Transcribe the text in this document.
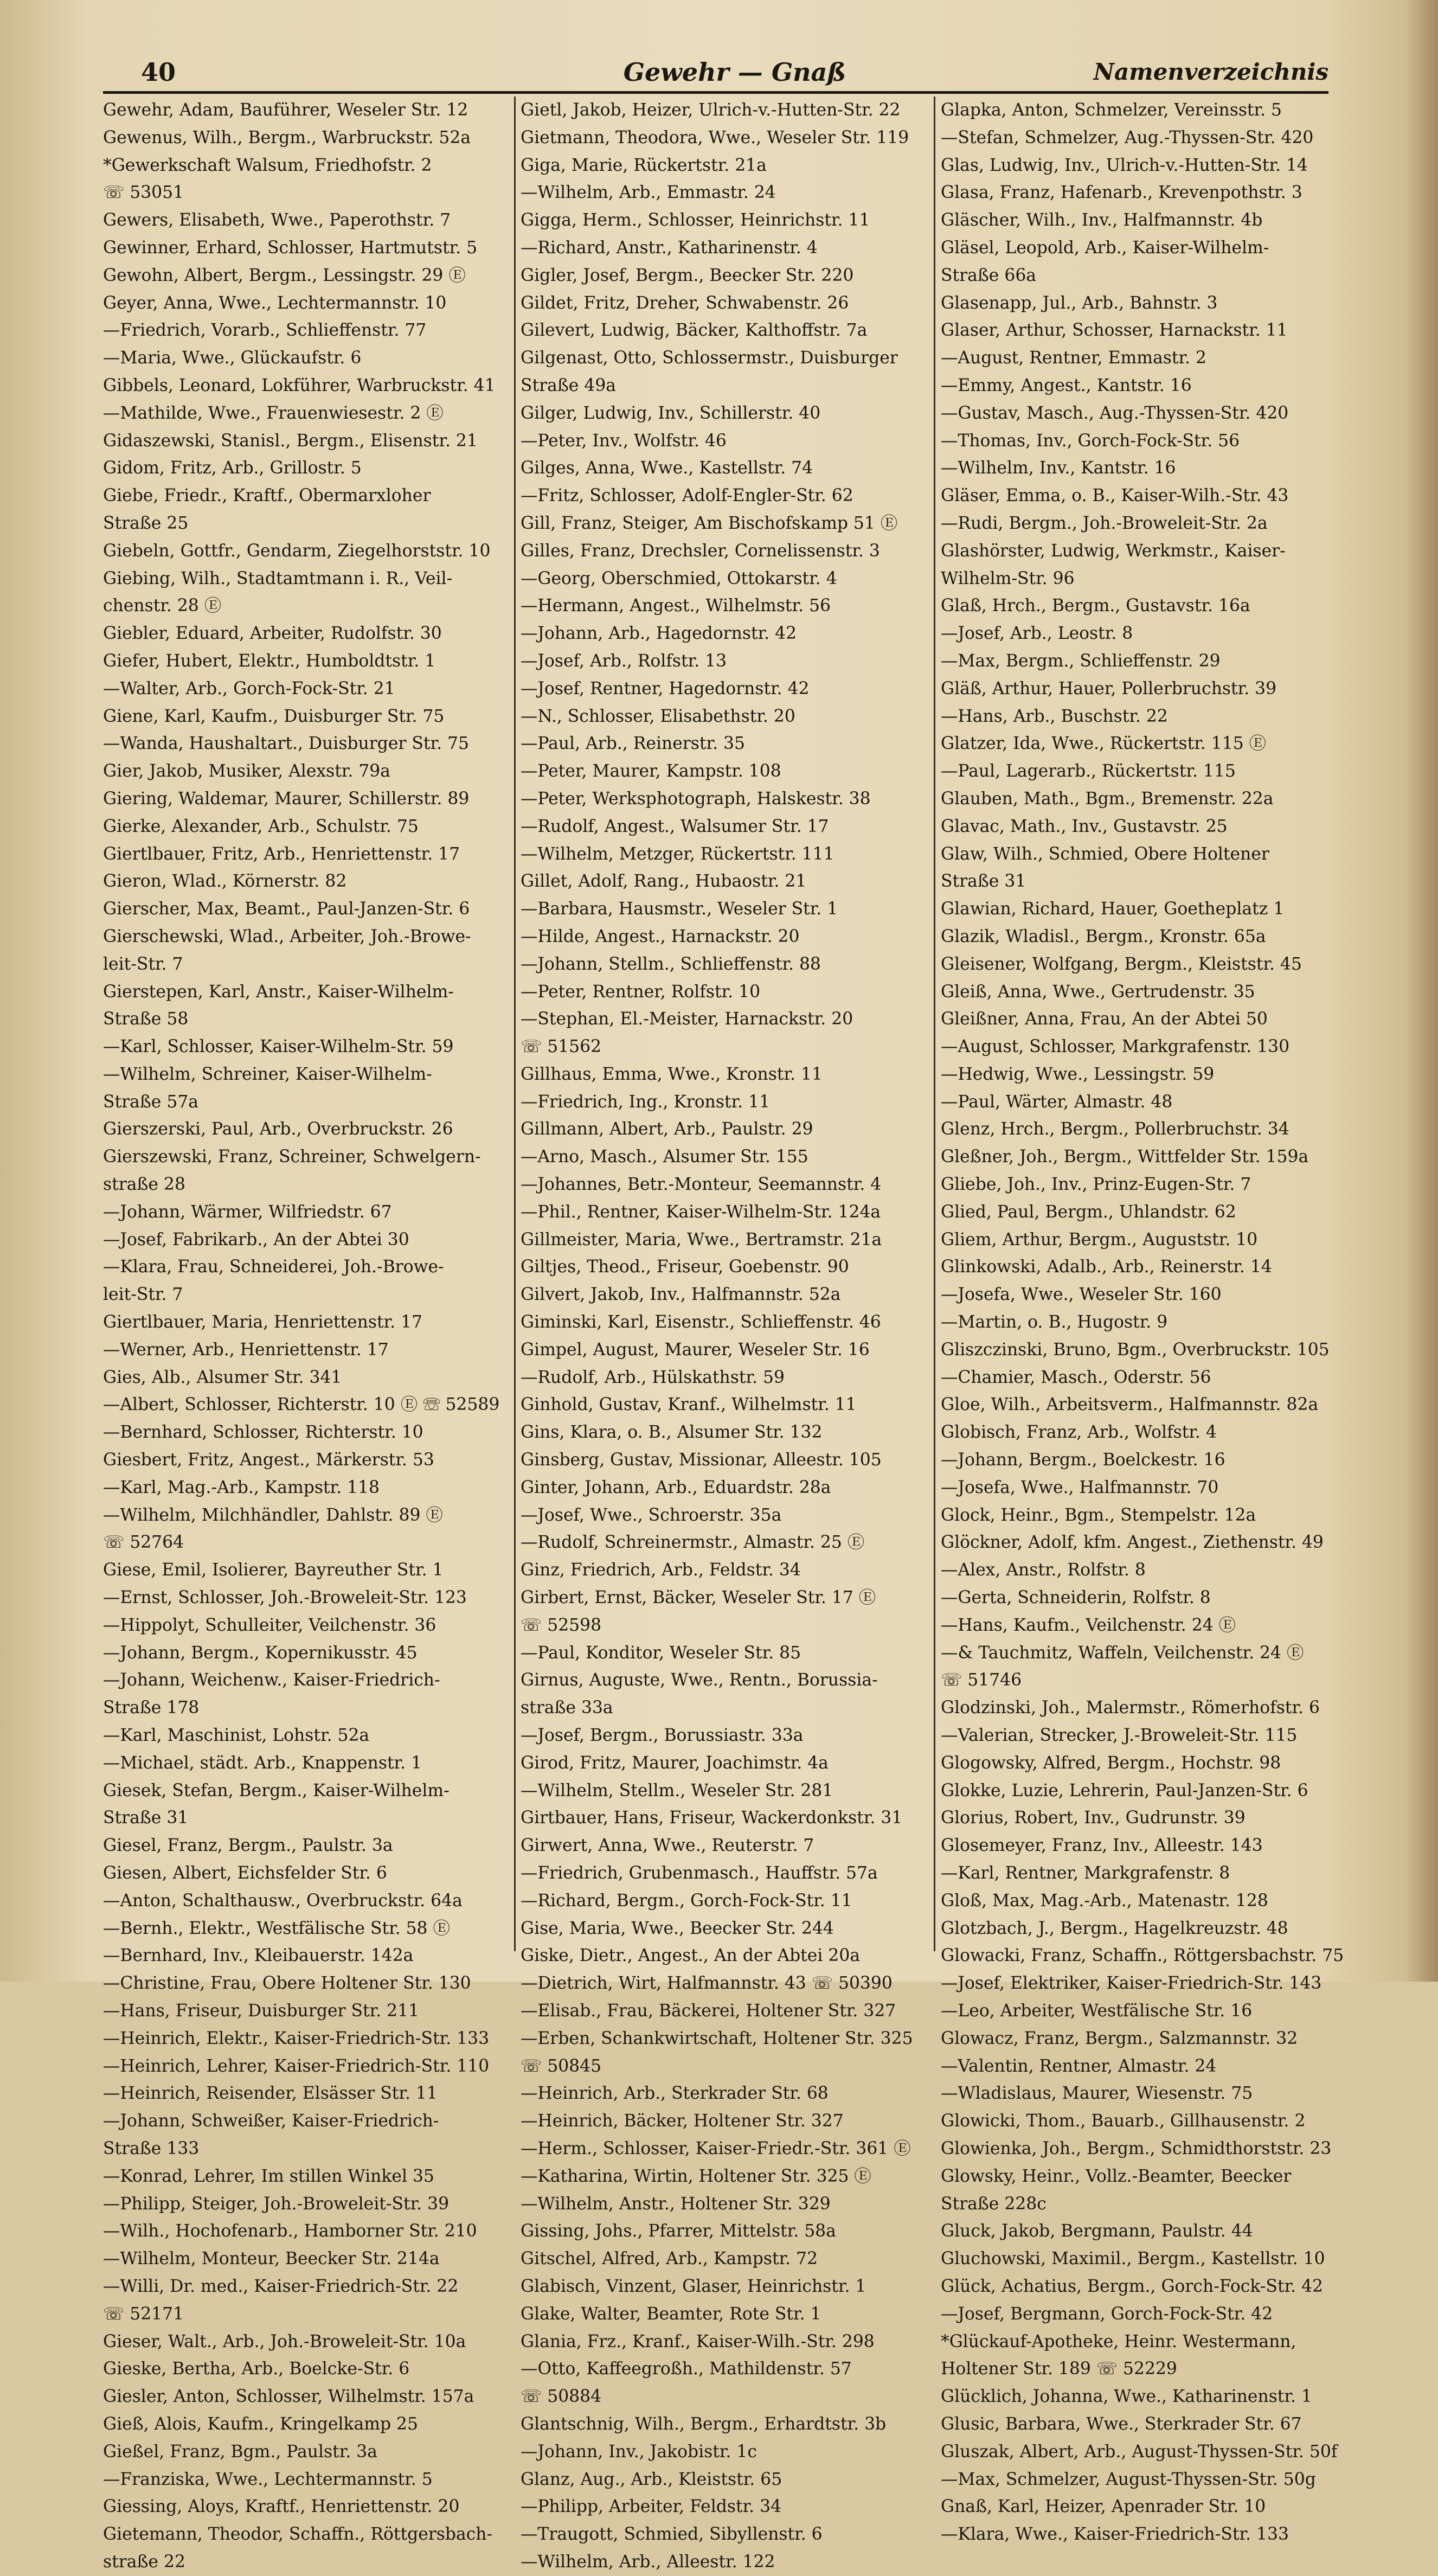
40	Gewehr — Gnaß	Namenverzeichnis
Gewehr, Adam, Bauführer, Weseler Str. 12
Gewenus, Wilh., Bergm., Warbruckstr. 52a
*Gewerkschaft Walsum, Friedhofstr. 2
☏ 53051
Gewers, Elisabeth, Wwe., Paperothstr. 7
Gewinner, Erhard, Schlosser, Hartmutstr. 5
Gewohn, Albert, Bergm., Lessingstr. 29 Ⓔ
Geyer, Anna, Wwe., Lechtermannstr. 10
—Friedrich, Vorarb., Schlieffenstr. 77
—Maria, Wwe., Glückaufstr. 6
Gibbels, Leonard, Lokführer, Warbruckstr. 41
—Mathilde, Wwe., Frauenwiesestr. 2 Ⓔ
Gidaszewski, Stanisl., Bergm., Elisenstr. 21
Gidom, Fritz, Arb., Grillostr. 5
Giebe, Friedr., Kraftf., Obermarxloher
Straße 25
Giebeln, Gottfr., Gendarm, Ziegelhorststr. 10
Giebing, Wilh., Stadtamtmann i. R., Veil-
chenstr. 28 Ⓔ
Giebler, Eduard, Arbeiter, Rudolfstr. 30
Giefer, Hubert, Elektr., Humboldtstr. 1
—Walter, Arb., Gorch-Fock-Str. 21
Giene, Karl, Kaufm., Duisburger Str. 75
—Wanda, Haushaltart., Duisburger Str. 75
Gier, Jakob, Musiker, Alexstr. 79a
Giering, Waldemar, Maurer, Schillerstr. 89
Gierke, Alexander, Arb., Schulstr. 75
Giertlbauer, Fritz, Arb., Henriettenstr. 17
Gieron, Wlad., Körnerstr. 82
Gierscher, Max, Beamt., Paul-Janzen-Str. 6
Gierschewski, Wlad., Arbeiter, Joh.-Browe-
leit-Str. 7
Gierstepen, Karl, Anstr., Kaiser-Wilhelm-
Straße 58
—Karl, Schlosser, Kaiser-Wilhelm-Str. 59
—Wilhelm, Schreiner, Kaiser-Wilhelm-
Straße 57a
Gierszerski, Paul, Arb., Overbruckstr. 26
Gierszewski, Franz, Schreiner, Schwelgern-
straße 28
—Johann, Wärmer, Wilfriedstr. 67
—Josef, Fabrikarb., An der Abtei 30
—Klara, Frau, Schneiderei, Joh.-Browe-
leit-Str. 7
Giertlbauer, Maria, Henriettenstr. 17
—Werner, Arb., Henriettenstr. 17
Gies, Alb., Alsumer Str. 341
—Albert, Schlosser, Richterstr. 10 Ⓔ ☏ 52589
—Bernhard, Schlosser, Richterstr. 10
Giesbert, Fritz, Angest., Märkerstr. 53
—Karl, Mag.-Arb., Kampstr. 118
—Wilhelm, Milchhändler, Dahlstr. 89 Ⓔ
☏ 52764
Giese, Emil, Isolierer, Bayreuther Str. 1
—Ernst, Schlosser, Joh.-Broweleit-Str. 123
—Hippolyt, Schulleiter, Veilchenstr. 36
—Johann, Bergm., Kopernikusstr. 45
—Johann, Weichenw., Kaiser-Friedrich-
Straße 178
—Karl, Maschinist, Lohstr. 52a
—Michael, städt. Arb., Knappenstr. 1
Giesek, Stefan, Bergm., Kaiser-Wilhelm-
Straße 31
Giesel, Franz, Bergm., Paulstr. 3a
Giesen, Albert, Eichsfelder Str. 6
—Anton, Schalthausw., Overbruckstr. 64a
—Bernh., Elektr., Westfälische Str. 58 Ⓔ
—Bernhard, Inv., Kleibauerstr. 142a
—Christine, Frau, Obere Holtener Str. 130
—Hans, Friseur, Duisburger Str. 211
—Heinrich, Elektr., Kaiser-Friedrich-Str. 133
—Heinrich, Lehrer, Kaiser-Friedrich-Str. 110
—Heinrich, Reisender, Elsässer Str. 11
—Johann, Schweißer, Kaiser-Friedrich-
Straße 133
—Konrad, Lehrer, Im stillen Winkel 35
—Philipp, Steiger, Joh.-Broweleit-Str. 39
—Wilh., Hochofenarb., Hamborner Str. 210
—Wilhelm, Monteur, Beecker Str. 214a
—Willi, Dr. med., Kaiser-Friedrich-Str. 22
☏ 52171
Gieser, Walt., Arb., Joh.-Broweleit-Str. 10a
Gieske, Bertha, Arb., Boelcke-Str. 6
Giesler, Anton, Schlosser, Wilhelmstr. 157a
Gieß, Alois, Kaufm., Kringelkamp 25
Gießel, Franz, Bgm., Paulstr. 3a
—Franziska, Wwe., Lechtermannstr. 5
Giessing, Aloys, Kraftf., Henriettenstr. 20
Gietemann, Theodor, Schaffn., Röttgersbach-
straße 22
Gietl, Jakob, Heizer, Ulrich-v.-Hutten-Str. 22
Gietmann, Theodora, Wwe., Weseler Str. 119
Giga, Marie, Rückertstr. 21a
—Wilhelm, Arb., Emmastr. 24
Gigga, Herm., Schlosser, Heinrichstr. 11
—Richard, Anstr., Katharinenstr. 4
Gigler, Josef, Bergm., Beecker Str. 220
Gildet, Fritz, Dreher, Schwabenstr. 26
Gilevert, Ludwig, Bäcker, Kalthoffstr. 7a
Gilgenast, Otto, Schlossermstr., Duisburger
Straße 49a
Gilger, Ludwig, Inv., Schillerstr. 40
—Peter, Inv., Wolfstr. 46
Gilges, Anna, Wwe., Kastellstr. 74
—Fritz, Schlosser, Adolf-Engler-Str. 62
Gill, Franz, Steiger, Am Bischofskamp 51 Ⓔ
Gilles, Franz, Drechsler, Cornelissenstr. 3
—Georg, Oberschmied, Ottokarstr. 4
—Hermann, Angest., Wilhelmstr. 56
—Johann, Arb., Hagedornstr. 42
—Josef, Arb., Rolfstr. 13
—Josef, Rentner, Hagedornstr. 42
—N., Schlosser, Elisabethstr. 20
—Paul, Arb., Reinerstr. 35
—Peter, Maurer, Kampstr. 108
—Peter, Werksphotograph, Halskestr. 38
—Rudolf, Angest., Walsumer Str. 17
—Wilhelm, Metzger, Rückertstr. 111
Gillet, Adolf, Rang., Hubaostr. 21
—Barbara, Hausmstr., Weseler Str. 1
—Hilde, Angest., Harnackstr. 20
—Johann, Stellm., Schlieffenstr. 88
—Peter, Rentner, Rolfstr. 10
—Stephan, El.-Meister, Harnackstr. 20
☏ 51562
Gillhaus, Emma, Wwe., Kronstr. 11
—Friedrich, Ing., Kronstr. 11
Gillmann, Albert, Arb., Paulstr. 29
—Arno, Masch., Alsumer Str. 155
—Johannes, Betr.-Monteur, Seemannstr. 4
—Phil., Rentner, Kaiser-Wilhelm-Str. 124a
Gillmeister, Maria, Wwe., Bertramstr. 21a
Giltjes, Theod., Friseur, Goebenstr. 90
Gilvert, Jakob, Inv., Halfmannstr. 52a
Giminski, Karl, Eisenstr., Schlieffenstr. 46
Gimpel, August, Maurer, Weseler Str. 16
—Rudolf, Arb., Hülskathstr. 59
Ginhold, Gustav, Kranf., Wilhelmstr. 11
Gins, Klara, o. B., Alsumer Str. 132
Ginsberg, Gustav, Missionar, Alleestr. 105
Ginter, Johann, Arb., Eduardstr. 28a
—Josef, Wwe., Schroerstr. 35a
—Rudolf, Schreinermstr., Almastr. 25 Ⓔ
Ginz, Friedrich, Arb., Feldstr. 34
Girbert, Ernst, Bäcker, Weseler Str. 17 Ⓔ
☏ 52598
—Paul, Konditor, Weseler Str. 85
Girnus, Auguste, Wwe., Rentn., Borussia-
straße 33a
—Josef, Bergm., Borussiastr. 33a
Girod, Fritz, Maurer, Joachimstr. 4a
—Wilhelm, Stellm., Weseler Str. 281
Girtbauer, Hans, Friseur, Wackerdonkstr. 31
Girwert, Anna, Wwe., Reuterstr. 7
—Friedrich, Grubenmasch., Hauffstr. 57a
—Richard, Bergm., Gorch-Fock-Str. 11
Gise, Maria, Wwe., Beecker Str. 244
Giske, Dietr., Angest., An der Abtei 20a
—Dietrich, Wirt, Halfmannstr. 43 ☏ 50390
—Elisab., Frau, Bäckerei, Holtener Str. 327
—Erben, Schankwirtschaft, Holtener Str. 325
☏ 50845
—Heinrich, Arb., Sterkrader Str. 68
—Heinrich, Bäcker, Holtener Str. 327
—Herm., Schlosser, Kaiser-Friedr.-Str. 361 Ⓔ
—Katharina, Wirtin, Holtener Str. 325 Ⓔ
—Wilhelm, Anstr., Holtener Str. 329
Gissing, Johs., Pfarrer, Mittelstr. 58a
Gitschel, Alfred, Arb., Kampstr. 72
Glabisch, Vinzent, Glaser, Heinrichstr. 1
Glake, Walter, Beamter, Rote Str. 1
Glania, Frz., Kranf., Kaiser-Wilh.-Str. 298
—Otto, Kaffeegroßh., Mathildenstr. 57
☏ 50884
Glantschnig, Wilh., Bergm., Erhardtstr. 3b
—Johann, Inv., Jakobistr. 1c
Glanz, Aug., Arb., Kleiststr. 65
—Philipp, Arbeiter, Feldstr. 34
—Traugott, Schmied, Sibyllenstr. 6
—Wilhelm, Arb., Alleestr. 122
Glapka, Anton, Schmelzer, Vereinsstr. 5
—Stefan, Schmelzer, Aug.-Thyssen-Str. 420
Glas, Ludwig, Inv., Ulrich-v.-Hutten-Str. 14
Glasa, Franz, Hafenarb., Krevenpothstr. 3
Gläscher, Wilh., Inv., Halfmannstr. 4b
Gläsel, Leopold, Arb., Kaiser-Wilhelm-
Straße 66a
Glasenapp, Jul., Arb., Bahnstr. 3
Glaser, Arthur, Schosser, Harnackstr. 11
—August, Rentner, Emmastr. 2
—Emmy, Angest., Kantstr. 16
—Gustav, Masch., Aug.-Thyssen-Str. 420
—Thomas, Inv., Gorch-Fock-Str. 56
—Wilhelm, Inv., Kantstr. 16
Gläser, Emma, o. B., Kaiser-Wilh.-Str. 43
—Rudi, Bergm., Joh.-Broweleit-Str. 2a
Glashörster, Ludwig, Werkmstr., Kaiser-
Wilhelm-Str. 96
Glaß, Hrch., Bergm., Gustavstr. 16a
—Josef, Arb., Leostr. 8
—Max, Bergm., Schlieffenstr. 29
Gläß, Arthur, Hauer, Pollerbruchstr. 39
—Hans, Arb., Buschstr. 22
Glatzer, Ida, Wwe., Rückertstr. 115 Ⓔ
—Paul, Lagerarb., Rückertstr. 115
Glauben, Math., Bgm., Bremenstr. 22a
Glavac, Math., Inv., Gustavstr. 25
Glaw, Wilh., Schmied, Obere Holtener
Straße 31
Glawian, Richard, Hauer, Goetheplatz 1
Glazik, Wladisl., Bergm., Kronstr. 65a
Gleisener, Wolfgang, Bergm., Kleiststr. 45
Gleiß, Anna, Wwe., Gertrudenstr. 35
Gleißner, Anna, Frau, An der Abtei 50
—August, Schlosser, Markgrafenstr. 130
—Hedwig, Wwe., Lessingstr. 59
—Paul, Wärter, Almastr. 48
Glenz, Hrch., Bergm., Pollerbruchstr. 34
Gleßner, Joh., Bergm., Wittfelder Str. 159a
Gliebe, Joh., Inv., Prinz-Eugen-Str. 7
Glied, Paul, Bergm., Uhlandstr. 62
Gliem, Arthur, Bergm., Auguststr. 10
Glinkowski, Adalb., Arb., Reinerstr. 14
—Josefa, Wwe., Weseler Str. 160
—Martin, o. B., Hugostr. 9
Gliszczinski, Bruno, Bgm., Overbruckstr. 105
—Chamier, Masch., Oderstr. 56
Gloe, Wilh., Arbeitsverm., Halfmannstr. 82a
Globisch, Franz, Arb., Wolfstr. 4
—Johann, Bergm., Boelckestr. 16
—Josefa, Wwe., Halfmannstr. 70
Glock, Heinr., Bgm., Stempelstr. 12a
Glöckner, Adolf, kfm. Angest., Ziethenstr. 49
—Alex, Anstr., Rolfstr. 8
—Gerta, Schneiderin, Rolfstr. 8
—Hans, Kaufm., Veilchenstr. 24 Ⓔ
—& Tauchmitz, Waffeln, Veilchenstr. 24 Ⓔ
☏ 51746
Glodzinski, Joh., Malermstr., Römerhofstr. 6
—Valerian, Strecker, J.-Broweleit-Str. 115
Glogowsky, Alfred, Bergm., Hochstr. 98
Glokke, Luzie, Lehrerin, Paul-Janzen-Str. 6
Glorius, Robert, Inv., Gudrunstr. 39
Glosemeyer, Franz, Inv., Alleestr. 143
—Karl, Rentner, Markgrafenstr. 8
Gloß, Max, Mag.-Arb., Matenastr. 128
Glotzbach, J., Bergm., Hagelkreuzstr. 48
Glowacki, Franz, Schaffn., Röttgersbachstr. 75
—Josef, Elektriker, Kaiser-Friedrich-Str. 143
—Leo, Arbeiter, Westfälische Str. 16
Glowacz, Franz, Bergm., Salzmannstr. 32
—Valentin, Rentner, Almastr. 24
—Wladislaus, Maurer, Wiesenstr. 75
Glowicki, Thom., Bauarb., Gillhausenstr. 2
Glowienka, Joh., Bergm., Schmidthorststr. 23
Glowsky, Heinr., Vollz.-Beamter, Beecker
Straße 228c
Gluck, Jakob, Bergmann, Paulstr. 44
Gluchowski, Maximil., Bergm., Kastellstr. 10
Glück, Achatius, Bergm., Gorch-Fock-Str. 42
—Josef, Bergmann, Gorch-Fock-Str. 42
*Glückauf-Apotheke, Heinr. Westermann,
Holtener Str. 189 ☏ 52229
Glücklich, Johanna, Wwe., Katharinenstr. 1
Glusic, Barbara, Wwe., Sterkrader Str. 67
Gluszak, Albert, Arb., August-Thyssen-Str. 50f
—Max, Schmelzer, August-Thyssen-Str. 50g
Gnaß, Karl, Heizer, Apenrader Str. 10
—Klara, Wwe., Kaiser-Friedrich-Str. 133
